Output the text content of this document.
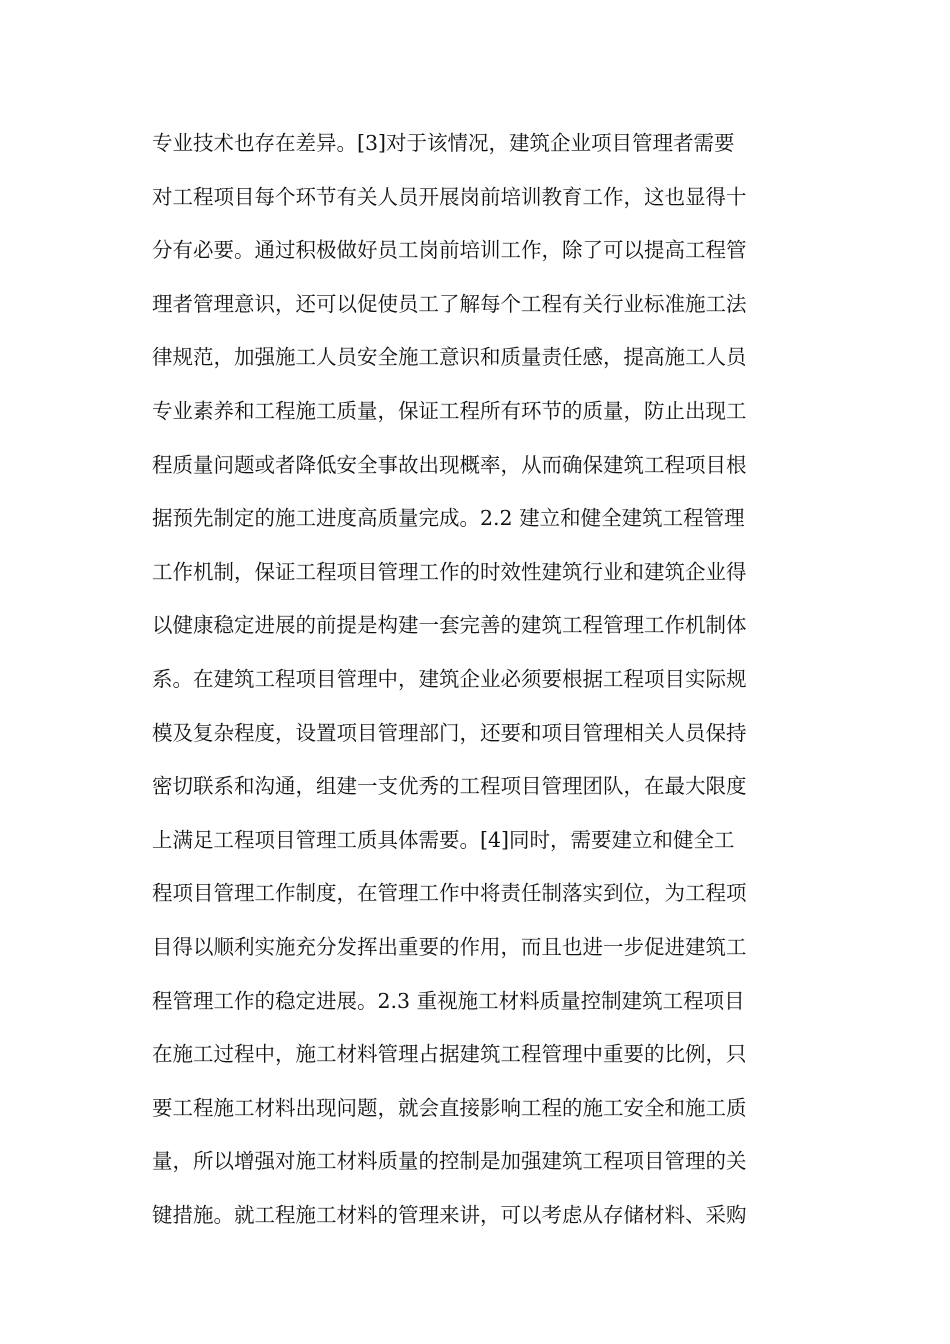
专业技术也存在差异。[3]对于该情况，建筑企业项目管理者需要
对工程项目每个环节有关人员开展岗前培训教育工作，这也显得十
分有必要。通过积极做好员工岗前培训工作，除了可以提高工程管
理者管理意识，还可以促使员工了解每个工程有关行业标准施工法
律规范，加强施工人员安全施工意识和质量责任感，提高施工人员
专业素养和工程施工质量，保证工程所有环节的质量，防止出现工
程质量问题或者降低安全事故出现概率，从而确保建筑工程项目根
据预先制定的施工进度高质量完成。2.2 建立和健全建筑工程管理
工作机制，保证工程项目管理工作的时效性建筑行业和建筑企业得
以健康稳定进展的前提是构建一套完善的建筑工程管理工作机制体
系。在建筑工程项目管理中，建筑企业必须要根据工程项目实际规
模及复杂程度，设置项目管理部门，还要和项目管理相关人员保持
密切联系和沟通，组建一支优秀的工程项目管理团队，在最大限度
上满足工程项目管理工质具体需要。[4]同时，需要建立和健全工
程项目管理工作制度，在管理工作中将责任制落实到位，为工程项
目得以顺利实施充分发挥出重要的作用，而且也进一步促进建筑工
程管理工作的稳定进展。2.3 重视施工材料质量控制建筑工程项目
在施工过程中，施工材料管理占据建筑工程管理中重要的比例，只
要工程施工材料出现问题，就会直接影响工程的施工安全和施工质
量，所以增强对施工材料质量的控制是加强建筑工程项目管理的关
键措施。就工程施工材料的管理来讲，可以考虑从存储材料、采购
